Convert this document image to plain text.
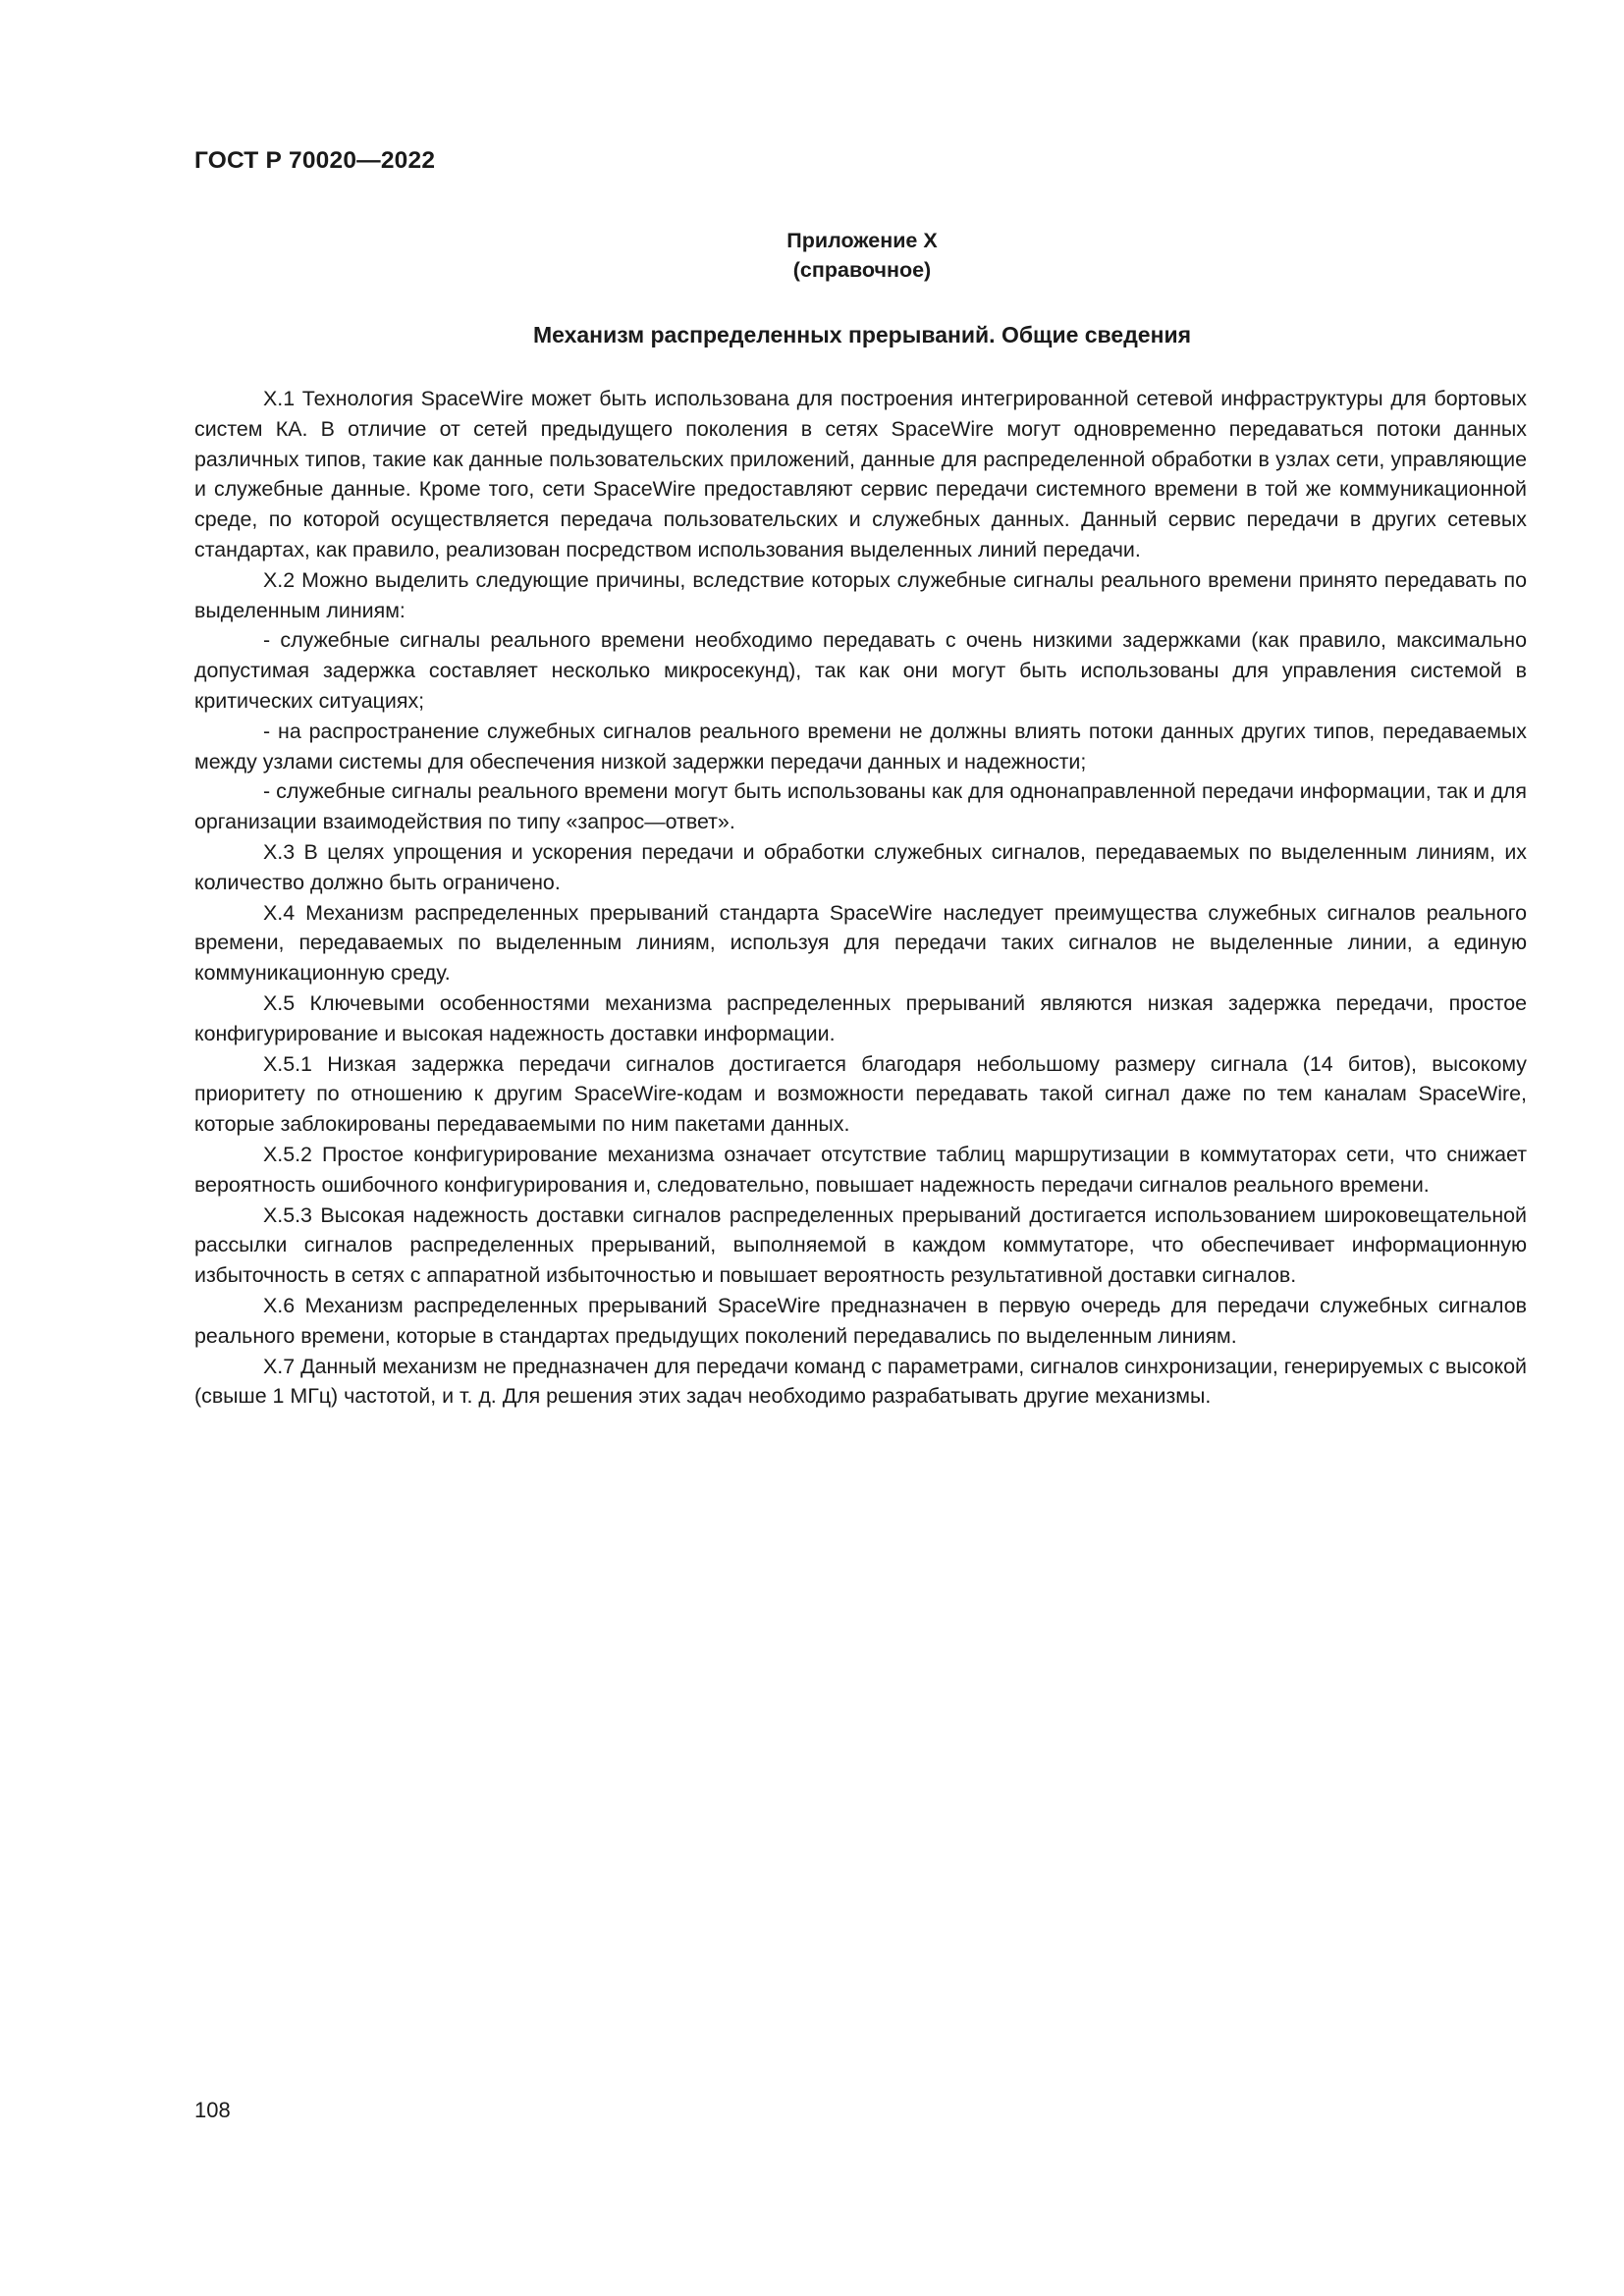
ГОСТ Р 70020—2022
Приложение Х
(справочное)
Механизм распределенных прерываний. Общие сведения

Х.1 Технология SpaceWire может быть использована для построения интегрированной сетевой инфраструктуры для бортовых систем КА. В отличие от сетей предыдущего поколения в сетях SpaceWire могут одновременно передаваться потоки данных различных типов, такие как данные пользовательских приложений, данные для распределенной обработки в узлах сети, управляющие и служебные данные. Кроме того, сети SpaceWire предоставляют сервис передачи системного времени в той же коммуникационной среде, по которой осуществляется передача пользовательских и служебных данных. Данный сервис передачи в других сетевых стандартах, как правило, реализован посредством использования выделенных линий передачи.

Х.2 Можно выделить следующие причины, вследствие которых служебные сигналы реального времени принято передавать по выделенным линиям:

- служебные сигналы реального времени необходимо передавать с очень низкими задержками (как правило, максимально допустимая задержка составляет несколько микросекунд), так как они могут быть использованы для управления системой в критических ситуациях;

- на распространение служебных сигналов реального времени не должны влиять потоки данных других типов, передаваемых между узлами системы для обеспечения низкой задержки передачи данных и надежности;

- служебные сигналы реального времени могут быть использованы как для однонаправленной передачи информации, так и для организации взаимодействия по типу «запрос—ответ».

Х.3 В целях упрощения и ускорения передачи и обработки служебных сигналов, передаваемых по выделенным линиям, их количество должно быть ограничено.

Х.4 Механизм распределенных прерываний стандарта SpaceWire наследует преимущества служебных сигналов реального времени, передаваемых по выделенным линиям, используя для передачи таких сигналов не выделенные линии, а единую коммуникационную среду.

Х.5 Ключевыми особенностями механизма распределенных прерываний являются низкая задержка передачи, простое конфигурирование и высокая надежность доставки информации.

Х.5.1 Низкая задержка передачи сигналов достигается благодаря небольшому размеру сигнала (14 битов), высокому приоритету по отношению к другим SpaceWire-кодам и возможности передавать такой сигнал даже по тем каналам SpaceWire, которые заблокированы передаваемыми по ним пакетами данных.

Х.5.2 Простое конфигурирование механизма означает отсутствие таблиц маршрутизации в коммутаторах сети, что снижает вероятность ошибочного конфигурирования и, следовательно, повышает надежность передачи сигналов реального времени.

Х.5.3 Высокая надежность доставки сигналов распределенных прерываний достигается использованием широковещательной рассылки сигналов распределенных прерываний, выполняемой в каждом коммутаторе, что обеспечивает информационную избыточность в сетях с аппаратной избыточностью и повышает вероятность результативной доставки сигналов.

Х.6 Механизм распределенных прерываний SpaceWire предназначен в первую очередь для передачи служебных сигналов реального времени, которые в стандартах предыдущих поколений передавались по выделенным линиям.

Х.7 Данный механизм не предназначен для передачи команд с параметрами, сигналов синхронизации, генерируемых с высокой (свыше 1 МГц) частотой, и т. д. Для решения этих задач необходимо разрабатывать другие механизмы.

108
